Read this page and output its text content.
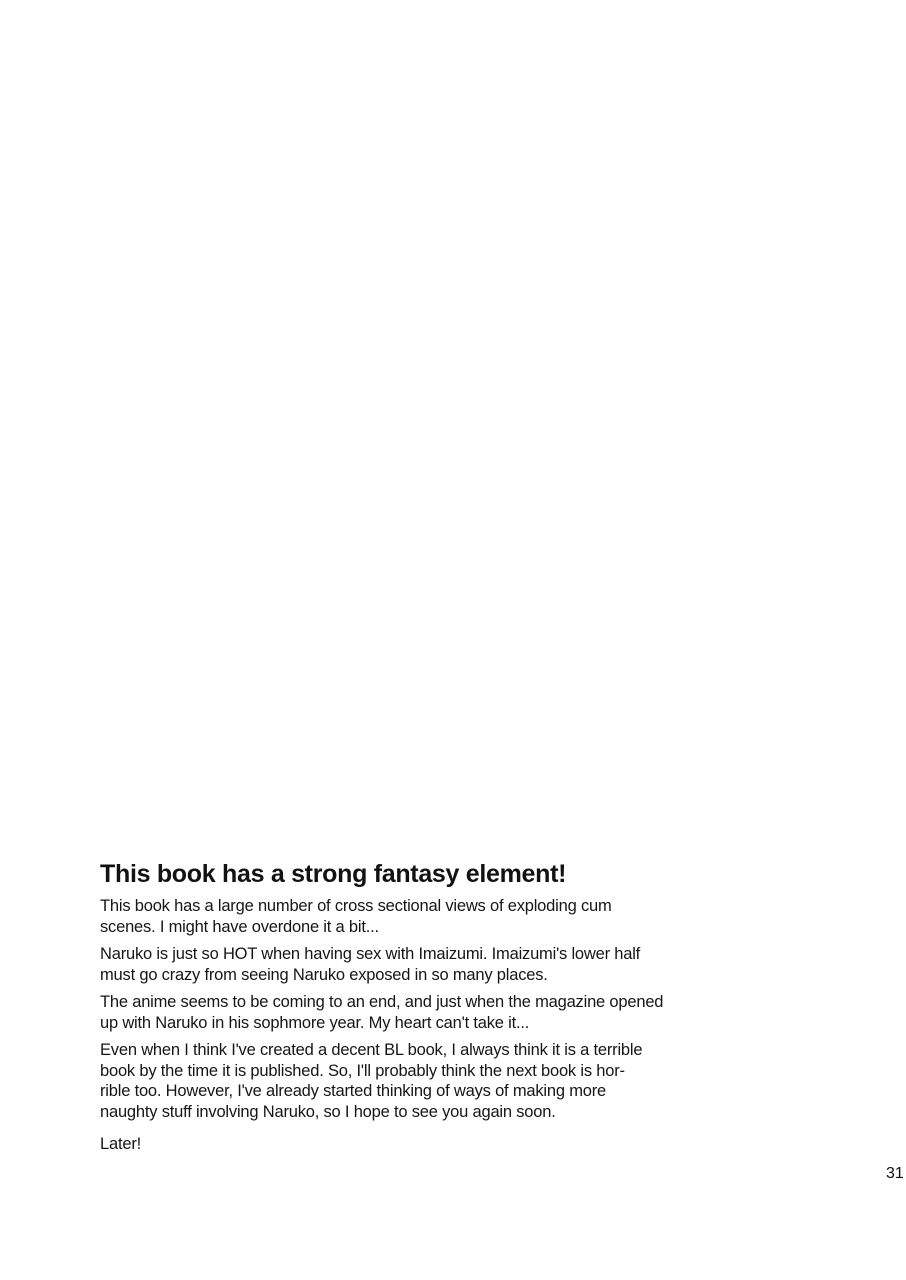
This book has a strong fantasy element!

This book has a large number of cross sectional views of exploding cum
scenes. I might have overdone it a bit...

Naruko is just so HOT when having sex with Imaizumi. Imaizumi's lower half
must go crazy from seeing Naruko exposed in so many places.

The anime seems to be coming to an end, and just when the magazine opened
up with Naruko in his sophmore year. My heart can't take it...

Even when I think I've created a decent BL book, I always think it is a terrible
book by the time it is published. So, I'll probably think the next book is hor-
rible too. However, I've already started thinking of ways of making more
naughty stuff involving Naruko, so I hope to see you again soon.

Later!

31
